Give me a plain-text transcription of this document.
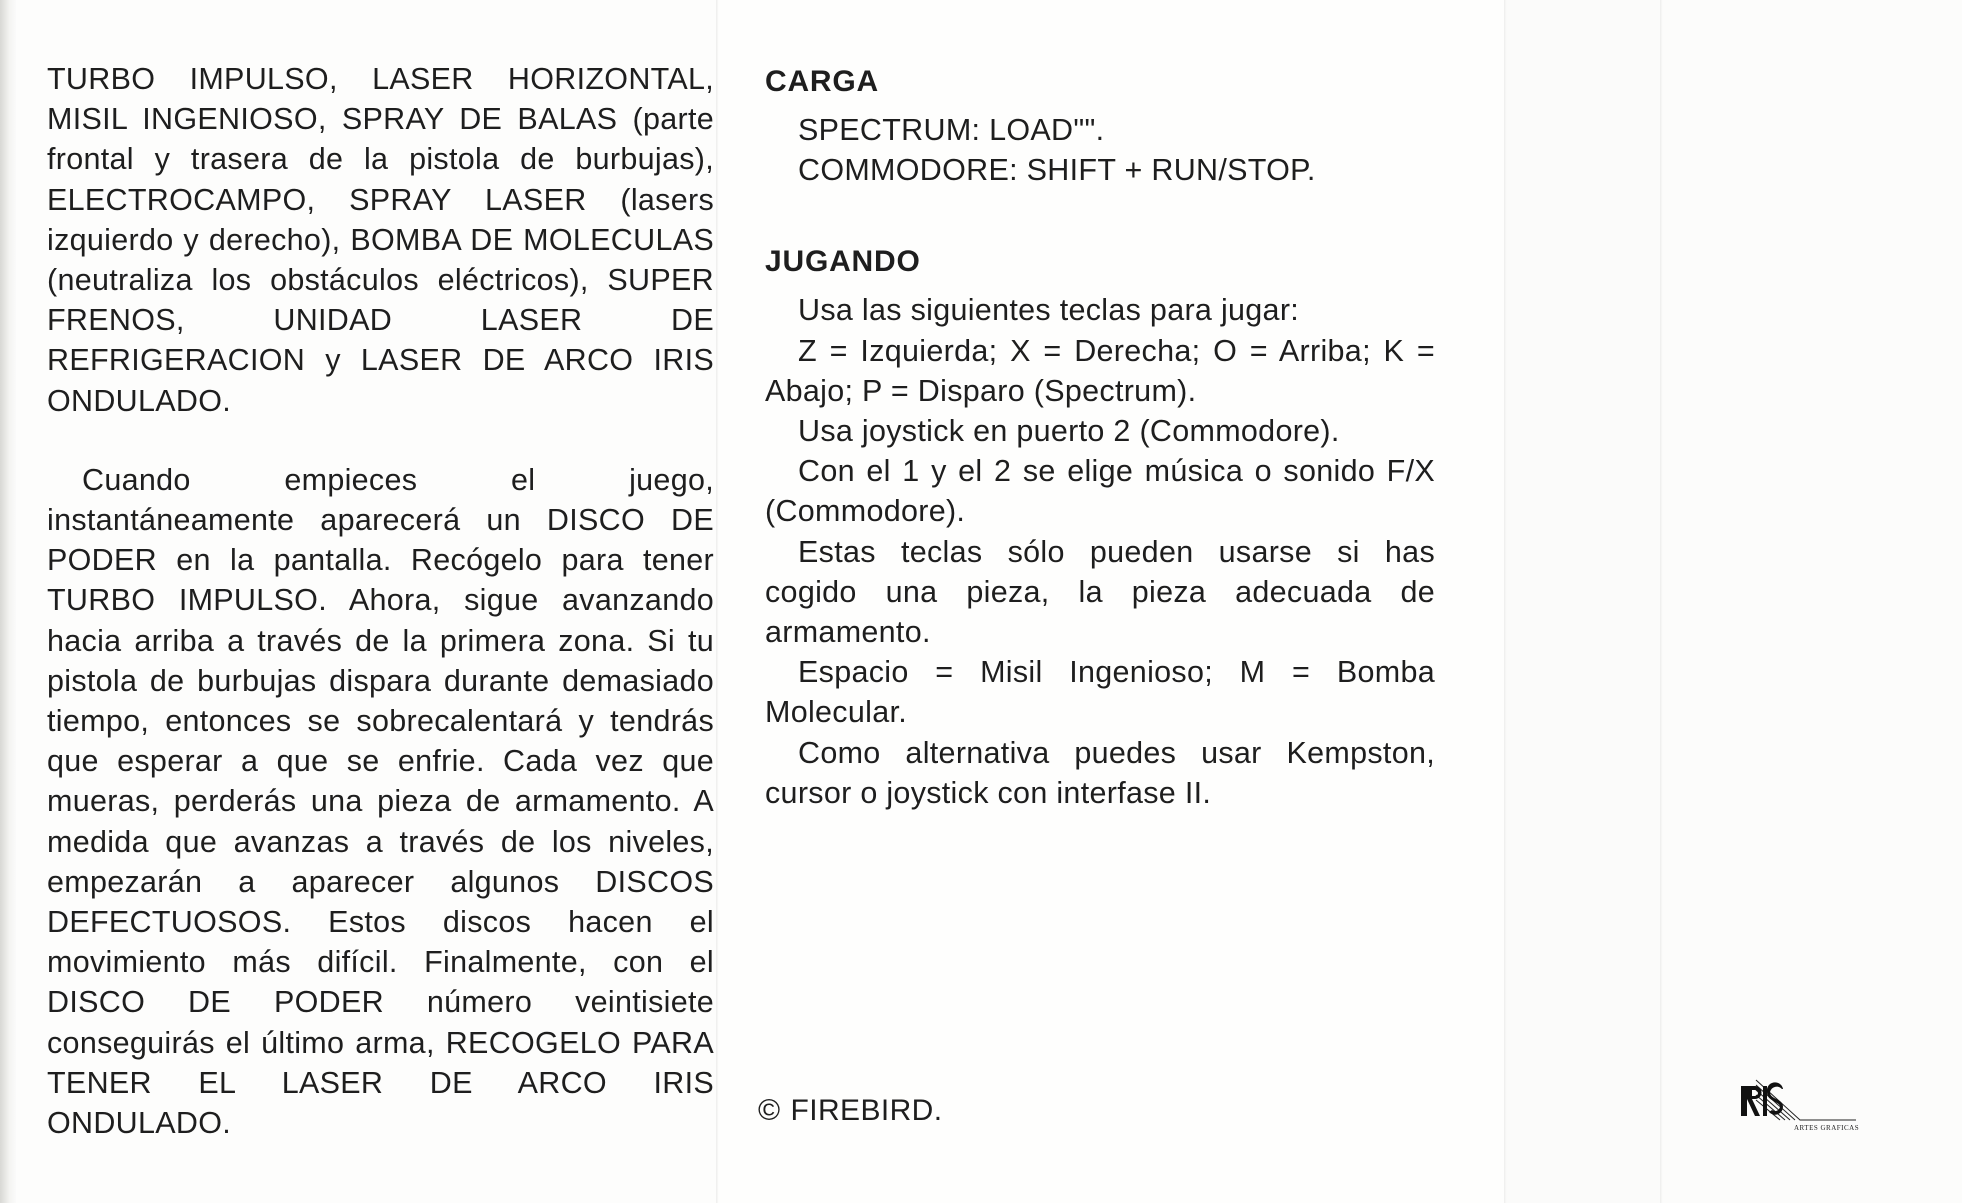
TURBO IMPULSO, LASER HORIZONTAL, MISIL INGENIOSO, SPRAY DE BALAS (parte frontal y trasera de la pistola de burbujas), ELECTROCAMPO, SPRAY LASER (lasers izquierdo y derecho), BOMBA DE MOLECULAS (neutraliza los obstáculos eléctricos), SUPER FRENOS, UNIDAD LASER DE REFRIGERACION y LASER DE ARCO IRIS ONDULADO.

Cuando empieces el juego, instantáneamente aparecerá un DISCO DE PODER en la pantalla. Recógelo para tener TURBO IMPULSO. Ahora, sigue avanzando hacia arriba a través de la primera zona. Si tu pistola de burbujas dispara durante demasiado tiempo, entonces se sobrecalentará y tendrás que esperar a que se enfrie. Cada vez que mueras, perderás una pieza de armamento. A medida que avanzas a través de los niveles, empezarán a aparecer algunos DISCOS DEFECTUOSOS. Estos discos hacen el movimiento más difícil. Finalmente, con el DISCO DE PODER número veintisiete conseguirás el último arma, RECOGELO PARA TENER EL LASER DE ARCO IRIS ONDULADO.

CARGA

SPECTRUM: LOAD"".

COMMODORE: SHIFT + RUN/STOP.

JUGANDO

Usa las siguientes teclas para jugar:

Z = Izquierda; X = Derecha; O = Arriba; K = Abajo; P = Disparo (Spectrum).

Usa joystick en puerto 2 (Commodore).

Con el 1 y el 2 se elige música o sonido F/X (Commodore).

Estas teclas sólo pueden usarse si has cogido una pieza, la pieza adecuada de armamento.

Espacio = Misil Ingenioso; M = Bomba Molecular.

Como alternativa puedes usar Kempston, cursor o joystick con interfase II.

© FIREBIRD.
ARTES GRAFICAS
